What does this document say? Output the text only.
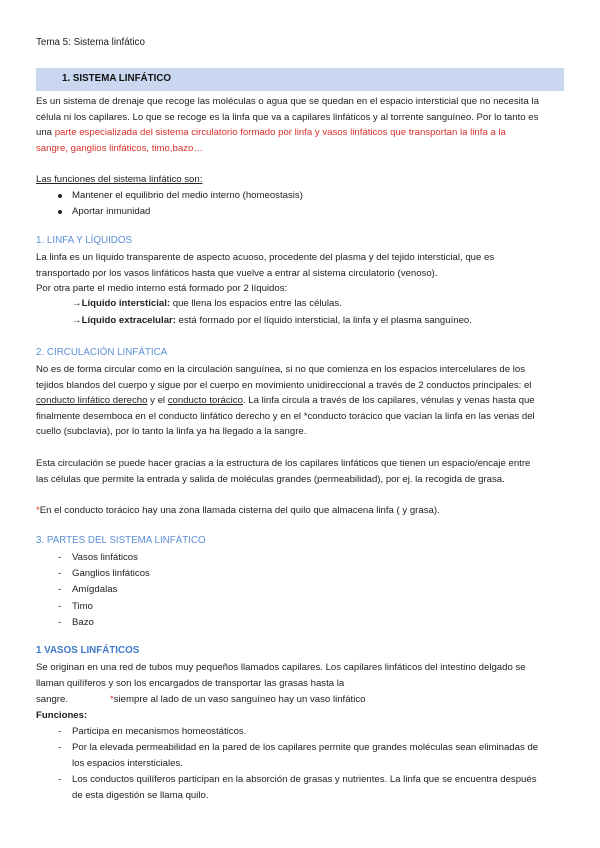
Tema 5: Sistema linfático
1. SISTEMA LINFÁTICO

Es un sistema de drenaje que recoge las moléculas o agua que se quedan en el espacio intersticial que no necesita la

célula ni los capilares. Lo que se recoge es la linfa que va a capilares linfáticos y al torrente sanguíneo. Por lo tanto es

una parte especializada del sistema circulatorio formado por linfa y vasos linfáticos que transportan la linfa a la

sangre, ganglios linfáticos, timo,bazo…

Las funciones del sistema linfático son:

Mantener el equilibrio del medio interno (homeostasis)
Aportar inmunidad
1. LINFA Y LÍQUIDOS

La linfa es un líquido transparente de aspecto acuoso, procedente del plasma y del tejido intersticial, que es

transportado por los vasos linfáticos hasta que vuelve a entrar al sistema circulatorio (venoso).

Por otra parte el medio interno está formado por 2 líquidos:

→Líquido intersticial: que llena los espacios entre las células.
→Líquido extracelular: está formado por el líquido intersticial, la linfa y el plasma sanguíneo.
2. CIRCULACIÓN LINFÁTICA

No es de forma circular como en la circulación sanguínea, si no que comienza en los espacios intercelulares de los

tejidos blandos del cuerpo y sigue por el cuerpo en movimiento unidireccional a través de 2 conductos principales: el

conducto linfático derecho y el conducto torácico. La linfa circula a través de los capilares, vénulas y venas hasta que

finalmente desemboca en el conducto linfático derecho y en el *conducto torácico que vacían la linfa en las venas del

cuello (subclavia), por lo tanto la linfa ya ha llegado a la sangre.

Esta circulación se puede hacer gracias a la estructura de los capilares linfáticos que tienen un espacio/encaje entre

las células que permite la entrada y salida de moléculas grandes (permeabilidad), por ej. la recogida de grasa.

*En el conducto torácico hay una zona llamada cisterna del quilo que almacena linfa ( y grasa).

3. PARTES DEL SISTEMA LINFÁTICO
- Vasos linfáticos
- Ganglios linfáticos
- Amígdalas
- Timo
- Bazo
1 VASOS LINFÁTICOS

Se originan en una red de tubos muy pequeños llamados capilares. Los capilares linfáticos del intestino delgado se

llaman quilíferos y son los encargados de transportar las grasas hasta la

sangre.	*siempre al lado de un vaso sanguíneo hay un vaso linfático

Funciones:

- Participa en mecanismos homeostáticos.
- Por la elevada permeabilidad en la pared de los capilares permite que grandes moléculas sean eliminadas de
los espacios intersticiales.
- Los conductos quilíferos participan en la absorción de grasas y nutrientes. La linfa que se encuentra después
de esta digestión se llama quilo.
